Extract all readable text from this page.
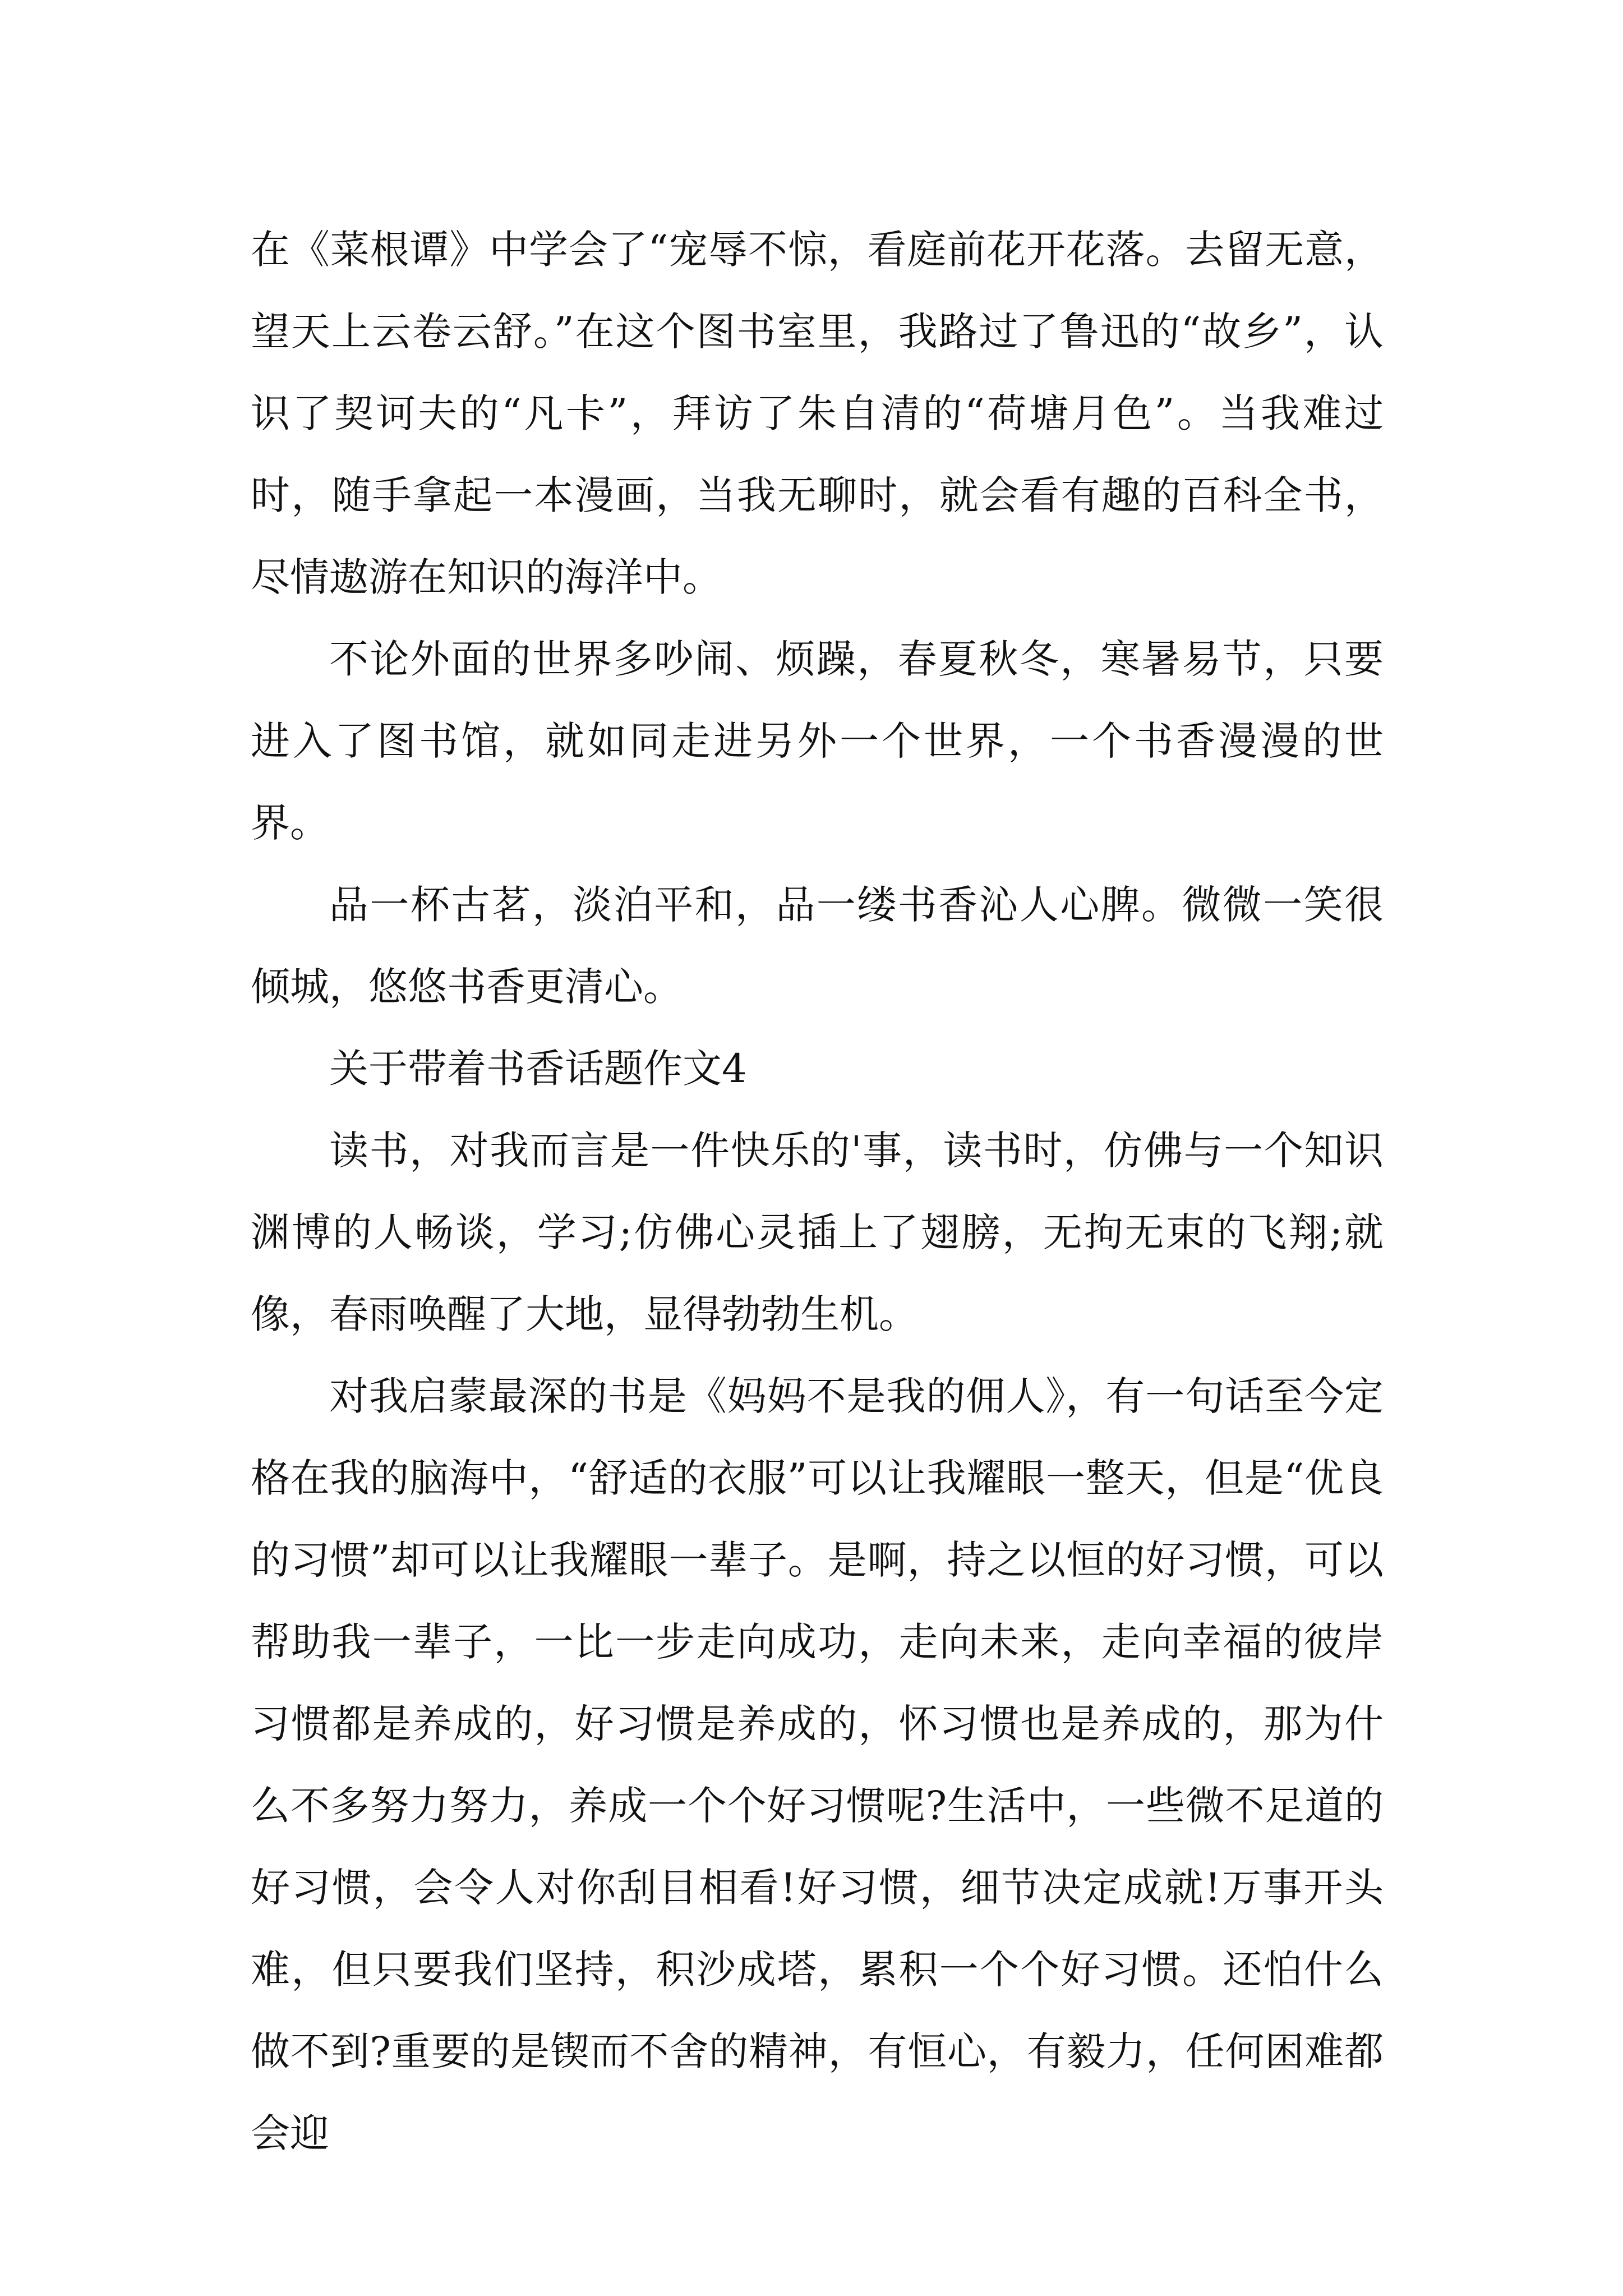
在《菜根谭》中学会了“宠辱不惊，看庭前花开花落。去留无意，望天上云卷云舒。”在这个图书室里，我路过了鲁迅的“故乡”，认识了契诃夫的“凡卡”，拜访了朱自清的“荷塘月色”。当我难过时，随手拿起一本漫画，当我无聊时，就会看有趣的百科全书，尽情遨游在知识的海洋中。

不论外面的世界多吵闹、烦躁，春夏秋冬，寒暑易节，只要进入了图书馆，就如同走进另外一个世界，一个书香漫漫的世界。

品一杯古茗，淡泊平和，品一缕书香沁人心脾。微微一笑很倾城，悠悠书香更清心。

关于带着书香话题作文4

读书，对我而言是一件快乐的'事，读书时，仿佛与一个知识渊博的人畅谈，学习;仿佛心灵插上了翅膀，无拘无束的飞翔;就像，春雨唤醒了大地，显得勃勃生机。

对我启蒙最深的书是《妈妈不是我的佣人》，有一句话至今定格在我的脑海中，“舒适的衣服”可以让我耀眼一整天，但是“优良的习惯”却可以让我耀眼一辈子。是啊，持之以恒的好习惯，可以帮助我一辈子，一比一步走向成功，走向未来，走向幸福的彼岸习惯都是养成的，好习惯是养成的，怀习惯也是养成的，那为什么不多努力努力，养成一个个好习惯呢?生活中，一些微不足道的好习惯，会令人对你刮目相看!好习惯，细节决定成就!万事开头难，但只要我们坚持，积沙成塔，累积一个个好习惯。还怕什么做不到?重要的是锲而不舍的精神，有恒心，有毅力，任何困难都会迎
